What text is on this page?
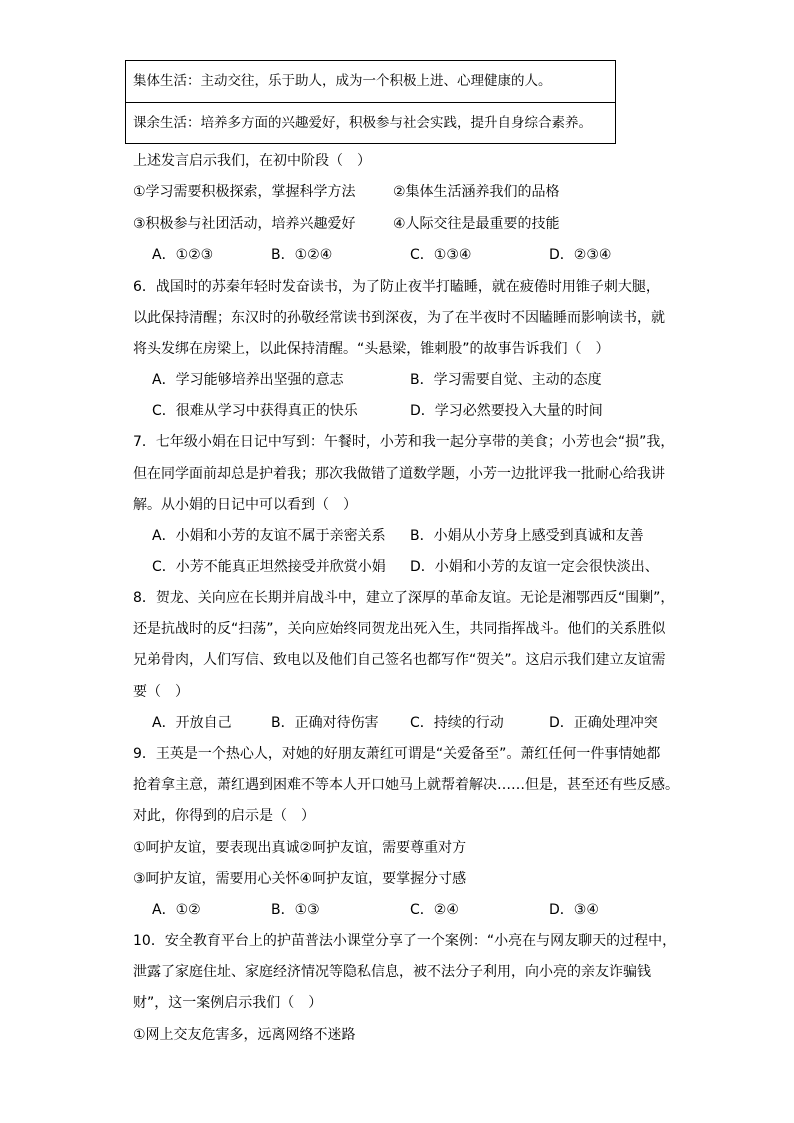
集体生活：主动交往，乐于助人，成为一个积极上进、心理健康的人。
课余生活：培养多方面的兴趣爱好，积极参与社会实践，提升自身综合素养。
上述发言启示我们，在初中阶段（　）
①学习需要积极探索，掌握科学方法	②集体生活涵养我们的品格
③积极参与社团活动，培养兴趣爱好	④人际交往是最重要的技能
A．①②③	B．①②④	C．①③④	D．②③④
6．战国时的苏秦年轻时发奋读书，为了防止夜半打瞌睡，就在疲倦时用锥子刺大腿，
以此保持清醒；东汉时的孙敬经常读书到深夜，为了在半夜时不因瞌睡而影响读书，就
将头发绑在房梁上，以此保持清醒。“头悬梁，锥刺股”的故事告诉我们（　）
A．学习能够培养出坚强的意志	B．学习需要自觉、主动的态度
C．很难从学习中获得真正的快乐	D．学习必然要投入大量的时间
7．七年级小娟在日记中写到：午餐时，小芳和我一起分享带的美食；小芳也会“损”我，
但在同学面前却总是护着我；那次我做错了道数学题，小芳一边批评我一批耐心给我讲
解。从小娟的日记中可以看到（　）
A．小娟和小芳的友谊不属于亲密关系 B．小娟从小芳身上感受到真诚和友善
C．小芳不能真正坦然接受并欣赏小娟 D．小娟和小芳的友谊一定会很快淡出、
8．贺龙、关向应在长期并肩战斗中，建立了深厚的革命友谊。无论是湘鄂西反“围剿”，
还是抗战时的反“扫荡”，关向应始终同贺龙出死入生，共同指挥战斗。他们的关系胜似
兄弟骨肉，人们写信、致电以及他们自己签名也都写作“贺关”。这启示我们建立友谊需
要（　）
A．开放自己	B．正确对待伤害 C．持续的行动	D．正确处理冲突
9．王英是一个热心人，对她的好朋友萧红可谓是“关爱备至”。萧红任何一件事情她都
抢着拿主意，萧红遇到困难不等本人开口她马上就帮着解决……但是，甚至还有些反感。
对此，你得到的启示是（　）
①呵护友谊，要表现出真诚②呵护友谊，需要尊重对方
③呵护友谊，需要用心关怀④呵护友谊，要掌握分寸感
A．①②	B．①③	C．②④	D．③④
10．安全教育平台上的护苗普法小课堂分享了一个案例：“小亮在与网友聊天的过程中，
泄露了家庭住址、家庭经济情况等隐私信息，被不法分子利用，向小亮的亲友诈骗钱
财”，这一案例启示我们（　）
①网上交友危害多，远离网络不迷路
